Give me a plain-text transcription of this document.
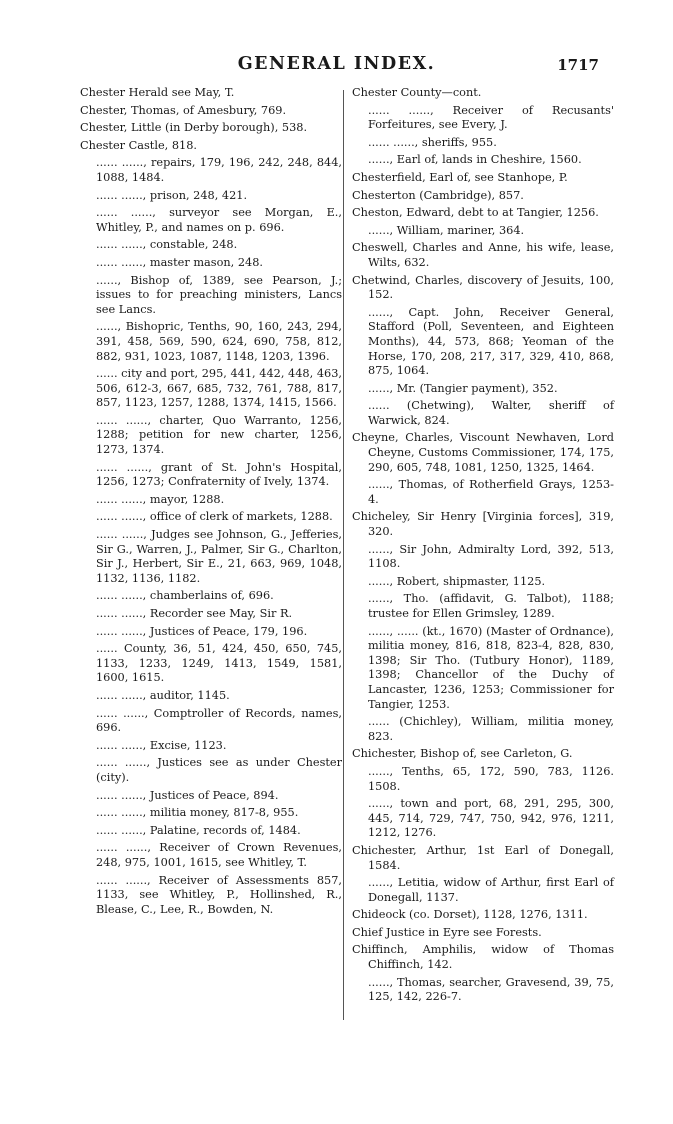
GENERAL INDEX.	1717
Chester Herald see May, T.
Chester, Thomas, of Amesbury, 769.
Chester, Little (in Derby borough), 538.
Chester Castle, 818.
...... ......, repairs, 179, 196, 242, 248, 844, 1088, 1484.
...... ......, prison, 248, 421.
...... ......, surveyor see Morgan, E., Whitley, P., and names on p. 696.
...... ......, constable, 248.
...... ......, master mason, 248.
......, Bishop of, 1389, see Pearson, J.; issues to for preaching ministers, Lancs see Lancs.
......, Bishopric, Tenths, 90, 160, 243, 294, 391, 458, 569, 590, 624, 690, 758, 812, 882, 931, 1023, 1087, 1148, 1203, 1396.
...... city and port, 295, 441, 442, 448, 463, 506, 612-3, 667, 685, 732, 761, 788, 817, 857, 1123, 1257, 1288, 1374, 1415, 1566.
...... ......, charter, Quo Warranto, 1256, 1288; petition for new charter, 1256, 1273, 1374.
...... ......, grant of St. John's Hospital, 1256, 1273; Confraternity of Ively, 1374.
...... ......, mayor, 1288.
...... ......, office of clerk of markets, 1288.
...... ......, Judges see Johnson, G., Jefferies, Sir G., Warren, J., Palmer, Sir G., Charlton, Sir J., Herbert, Sir E., 21, 663, 969, 1048, 1132, 1136, 1182.
...... ......, chamberlains of, 696.
...... ......, Recorder see May, Sir R.
...... ......, Justices of Peace, 179, 196.
...... County, 36, 51, 424, 450, 650, 745, 1133, 1233, 1249, 1413, 1549, 1581, 1600, 1615.
...... ......, auditor, 1145.
...... ......, Comptroller of Records, names, 696.
...... ......, Excise, 1123.
...... ......, Justices see as under Chester (city).
...... ......, Justices of Peace, 894.
...... ......, militia money, 817-8, 955.
...... ......, Palatine, records of, 1484.
...... ......, Receiver of Crown Revenues, 248, 975, 1001, 1615, see Whitley, T.
...... ......, Receiver of Assessments 857, 1133, see Whitley, P., Hollinshed, R., Blease, C., Lee, R., Bowden, N.
Chester County—cont.
...... ......, Receiver of Recusants' Forfeitures, see Every, J.
...... ......, sheriffs, 955.
......, Earl of, lands in Cheshire, 1560.
Chesterfield, Earl of, see Stanhope, P.
Chesterton (Cambridge), 857.
Cheston, Edward, debt to at Tangier, 1256.
......, William, mariner, 364.
Cheswell, Charles and Anne, his wife, lease, Wilts, 632.
Chetwind, Charles, discovery of Jesuits, 100, 152.
......, Capt. John, Receiver General, Stafford (Poll, Seventeen, and Eighteen Months), 44, 573, 868; Yeoman of the Horse, 170, 208, 217, 317, 329, 410, 868, 875, 1064.
......, Mr. (Tangier payment), 352.
...... (Chetwing), Walter, sheriff of Warwick, 824.
Cheyne, Charles, Viscount Newhaven, Lord Cheyne, Customs Commissioner, 174, 175, 290, 605, 748, 1081, 1250, 1325, 1464.
......, Thomas, of Rotherfield Grays, 1253-4.
Chicheley, Sir Henry [Virginia forces], 319, 320.
......, Sir John, Admiralty Lord, 392, 513, 1108.
......, Robert, shipmaster, 1125.
......, Tho. (affidavit, G. Talbot), 1188; trustee for Ellen Grimsley, 1289.
......, ...... (kt., 1670) (Master of Ordnance), militia money, 816, 818, 823-4, 828, 830, 1398; Sir Tho. (Tutbury Honor), 1189, 1398; Chancellor of the Duchy of Lancaster, 1236, 1253; Commissioner for Tangier, 1253.
...... (Chichley), William, militia money, 823.
Chichester, Bishop of, see Carleton, G.
......, Tenths, 65, 172, 590, 783, 1126. 1508.
......, town and port, 68, 291, 295, 300, 445, 714, 729, 747, 750, 942, 976, 1211, 1212, 1276.
Chichester, Arthur, 1st Earl of Donegall, 1584.
......, Letitia, widow of Arthur, first Earl of Donegall, 1137.
Chideock (co. Dorset), 1128, 1276, 1311.
Chief Justice in Eyre see Forests.
Chiffinch, Amphilis, widow of Thomas Chiffinch, 142.
......, Thomas, searcher, Gravesend, 39, 75, 125, 142, 226-7.
